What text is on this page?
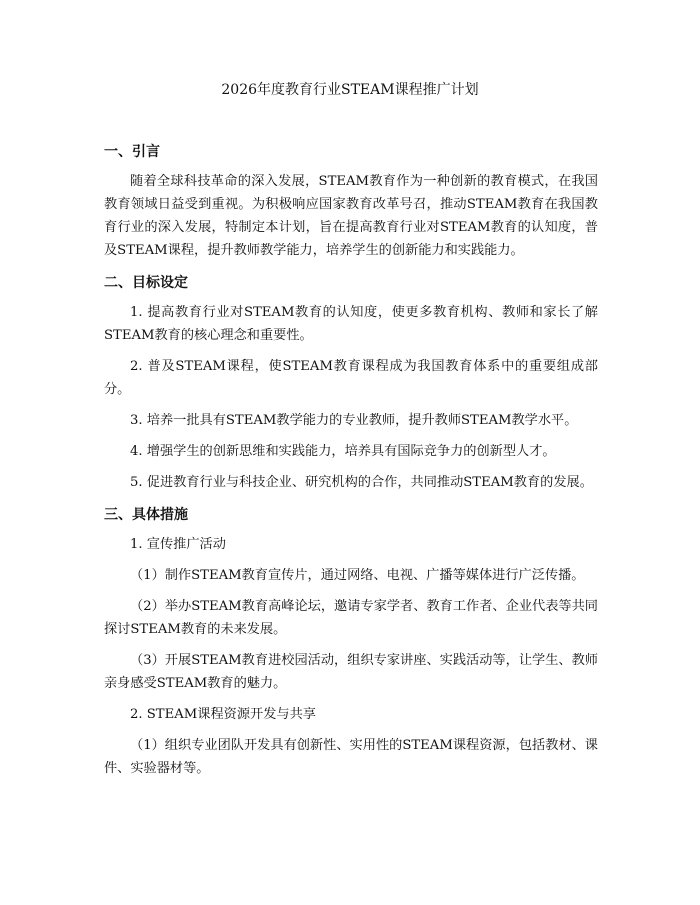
2026年度教育行业STEAM课程推广计划
一、引言

随着全球科技革命的深入发展，STEAM教育作为一种创新的教育模式，在我国教育领域日益受到重视。为积极响应国家教育改革号召，推动STEAM教育在我国教育行业的深入发展，特制定本计划，旨在提高教育行业对STEAM教育的认知度，普及STEAM课程，提升教师教学能力，培养学生的创新能力和实践能力。

二、目标设定

1. 提高教育行业对STEAM教育的认知度，使更多教育机构、教师和家长了解STEAM教育的核心理念和重要性。

2. 普及STEAM课程，使STEAM教育课程成为我国教育体系中的重要组成部分。

3. 培养一批具有STEAM教学能力的专业教师，提升教师STEAM教学水平。

4. 增强学生的创新思维和实践能力，培养具有国际竞争力的创新型人才。

5. 促进教育行业与科技企业、研究机构的合作，共同推动STEAM教育的发展。

三、具体措施

1. 宣传推广活动

（1）制作STEAM教育宣传片，通过网络、电视、广播等媒体进行广泛传播。

（2）举办STEAM教育高峰论坛，邀请专家学者、教育工作者、企业代表等共同探讨STEAM教育的未来发展。

（3）开展STEAM教育进校园活动，组织专家讲座、实践活动等，让学生、教师亲身感受STEAM教育的魅力。

2. STEAM课程资源开发与共享

（1）组织专业团队开发具有创新性、实用性的STEAM课程资源，包括教材、课件、实验器材等。
